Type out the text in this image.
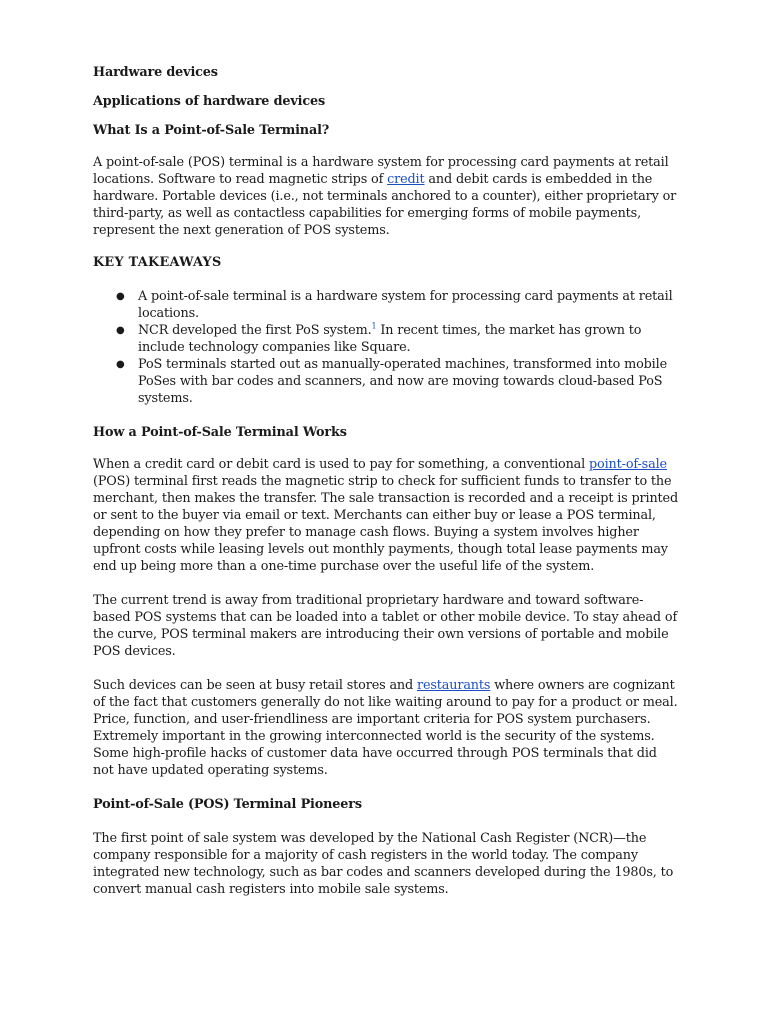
Hardware devices

Applications of hardware devices

What Is a Point-of-Sale Terminal?

A point-of-sale (POS) terminal is a hardware system for processing card payments at retail locations. Software to read magnetic strips of credit and debit cards is embedded in the hardware. Portable devices (i.e., not terminals anchored to a counter), either proprietary or third-party, as well as contactless capabilities for emerging forms of mobile payments, represent the next generation of POS systems.

KEY TAKEAWAYS

● A point-of-sale terminal is a hardware system for processing card payments at retail locations.
● NCR developed the first PoS system.$^1$ In recent times, the market has grown to include technology companies like Square.
● PoS terminals started out as manually-operated machines, transformed into mobile PoSes with bar codes and scanners, and now are moving towards cloud-based PoS systems.

How a Point-of-Sale Terminal Works

When a credit card or debit card is used to pay for something, a conventional point-of-sale (POS) terminal first reads the magnetic strip to check for sufficient funds to transfer to the merchant, then makes the transfer. The sale transaction is recorded and a receipt is printed or sent to the buyer via email or text. Merchants can either buy or lease a POS terminal, depending on how they prefer to manage cash flows. Buying a system involves higher upfront costs while leasing levels out monthly payments, though total lease payments may end up being more than a one-time purchase over the useful life of the system.

The current trend is away from traditional proprietary hardware and toward software-based POS systems that can be loaded into a tablet or other mobile device. To stay ahead of the curve, POS terminal makers are introducing their own versions of portable and mobile POS devices.

Such devices can be seen at busy retail stores and restaurants where owners are cognizant of the fact that customers generally do not like waiting around to pay for a product or meal. Price, function, and user-friendliness are important criteria for POS system purchasers. Extremely important in the growing interconnected world is the security of the systems. Some high-profile hacks of customer data have occurred through POS terminals that did not have updated operating systems.

Point-of-Sale (POS) Terminal Pioneers

The first point of sale system was developed by the National Cash Register (NCR)—the company responsible for a majority of cash registers in the world today. The company integrated new technology, such as bar codes and scanners developed during the 1980s, to convert manual cash registers into mobile sale systems.
